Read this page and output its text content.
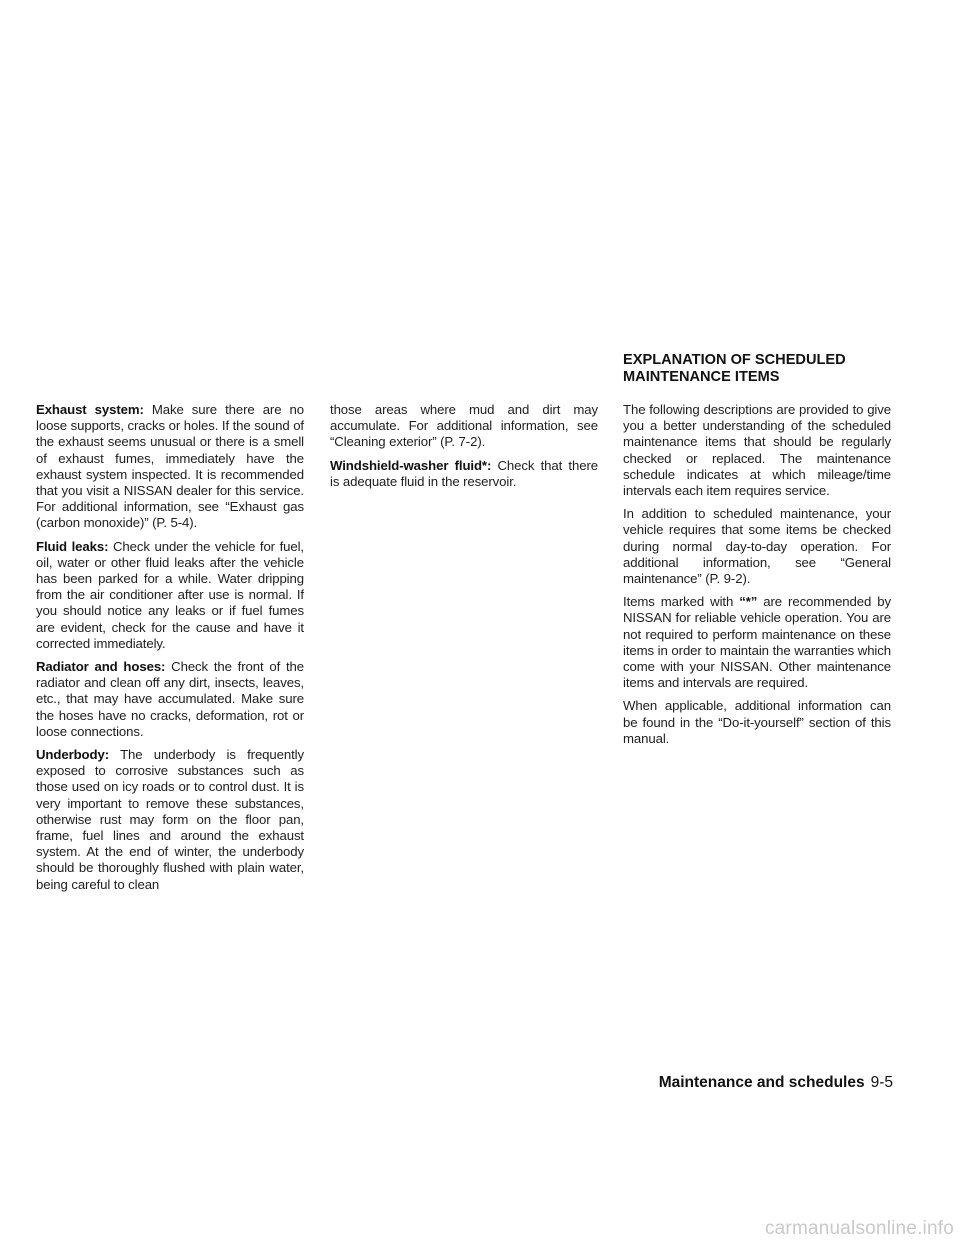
Exhaust system: Make sure there are no loose supports, cracks or holes. If the sound of the exhaust seems unusual or there is a smell of exhaust fumes, immediately have the exhaust system inspected. It is recommended that you visit a NISSAN dealer for this service. For additional information, see “Exhaust gas (carbon monoxide)” (P. 5-4).

Fluid leaks: Check under the vehicle for fuel, oil, water or other fluid leaks after the vehicle has been parked for a while. Water dripping from the air conditioner after use is normal. If you should notice any leaks or if fuel fumes are evident, check for the cause and have it corrected immediately.

Radiator and hoses: Check the front of the radiator and clean off any dirt, insects, leaves, etc., that may have accumulated. Make sure the hoses have no cracks, deformation, rot or loose connections.

Underbody: The underbody is frequently exposed to corrosive substances such as those used on icy roads or to control dust. It is very important to remove these substances, otherwise rust may form on the floor pan, frame, fuel lines and around the exhaust system. At the end of winter, the underbody should be thoroughly flushed with plain water, being careful to clean

those areas where mud and dirt may accumulate. For additional information, see “Cleaning exterior” (P. 7-2).

Windshield-washer fluid*: Check that there is adequate fluid in the reservoir.

EXPLANATION OF SCHEDULED
MAINTENANCE ITEMS

The following descriptions are provided to give you a better understanding of the scheduled maintenance items that should be regularly checked or replaced. The maintenance schedule indicates at which mileage/time intervals each item requires service.

In addition to scheduled maintenance, your vehicle requires that some items be checked during normal day-to-day operation. For additional information, see “General maintenance” (P. 9-2).

Items marked with “*” are recommended by NISSAN for reliable vehicle operation. You are not required to perform maintenance on these items in order to maintain the warranties which come with your NISSAN. Other maintenance items and intervals are required.

When applicable, additional information can be found in the “Do-it-yourself” section of this manual.

Maintenance and schedules 9-5
carmanualsonline.info
